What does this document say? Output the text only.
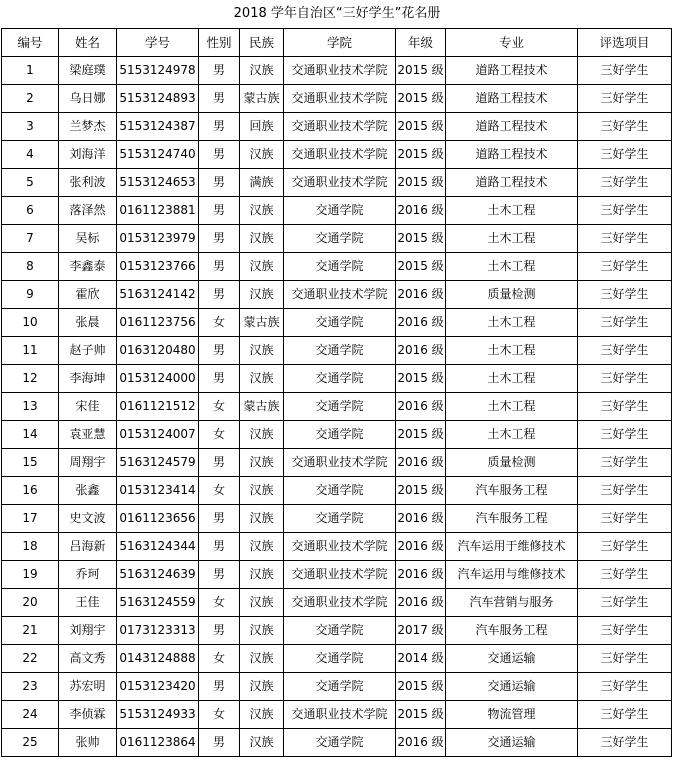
2018 学年自治区“三好学生”花名册
编号	姓名	学号	性别	民族	学院	年级	专业	评选项目
1	梁庭璞	5153124978	男	汉族	交通职业技术学院	2015 级	道路工程技术	三好学生
2	乌日娜	5153124893	男	蒙古族	交通职业技术学院	2015 级	道路工程技术	三好学生
3	兰梦杰	5153124387	男	回族	交通职业技术学院	2015 级	道路工程技术	三好学生
4	刘海洋	5153124740	男	汉族	交通职业技术学院	2015 级	道路工程技术	三好学生
5	张利波	5153124653	男	满族	交通职业技术学院	2015 级	道路工程技术	三好学生
6	落泽然	0161123881	男	汉族	交通学院	2016 级	土木工程	三好学生
7	吴标	0153123979	男	汉族	交通学院	2015 级	土木工程	三好学生
8	李鑫泰	0153123766	男	汉族	交通学院	2015 级	土木工程	三好学生
9	霍欣	5163124142	男	汉族	交通职业技术学院	2016 级	质量检测	三好学生
10	张晨	0161123756	女	蒙古族	交通学院	2016 级	土木工程	三好学生
11	赵子帅	0163120480	男	汉族	交通学院	2016 级	土木工程	三好学生
12	李海坤	0153124000	男	汉族	交通学院	2015 级	土木工程	三好学生
13	宋佳	0161121512	女	蒙古族	交通学院	2016 级	土木工程	三好学生
14	袁亚慧	0153124007	女	汉族	交通学院	2015 级	土木工程	三好学生
15	周翔宇	5163124579	男	汉族	交通职业技术学院	2016 级	质量检测	三好学生
16	张鑫	0153123414	女	汉族	交通学院	2015 级	汽车服务工程	三好学生
17	史文波	0161123656	男	汉族	交通学院	2016 级	汽车服务工程	三好学生
18	吕海新	5163124344	男	汉族	交通职业技术学院	2016 级	汽车运用于维修技术	三好学生
19	乔珂	5163124639	男	汉族	交通职业技术学院	2016 级	汽车运用与维修技术	三好学生
20	王佳	5163124559	女	汉族	交通职业技术学院	2016 级	汽车营销与服务	三好学生
21	刘翔宇	0173123313	男	汉族	交通学院	2017 级	汽车服务工程	三好学生
22	高文秀	0143124888	女	汉族	交通学院	2014 级	交通运输	三好学生
23	苏宏明	0153123420	男	汉族	交通学院	2015 级	交通运输	三好学生
24	李侦霖	5153124933	女	汉族	交通职业技术学院	2015 级	物流管理	三好学生
25	张帅	0161123864	男	汉族	交通学院	2016 级	交通运输	三好学生
